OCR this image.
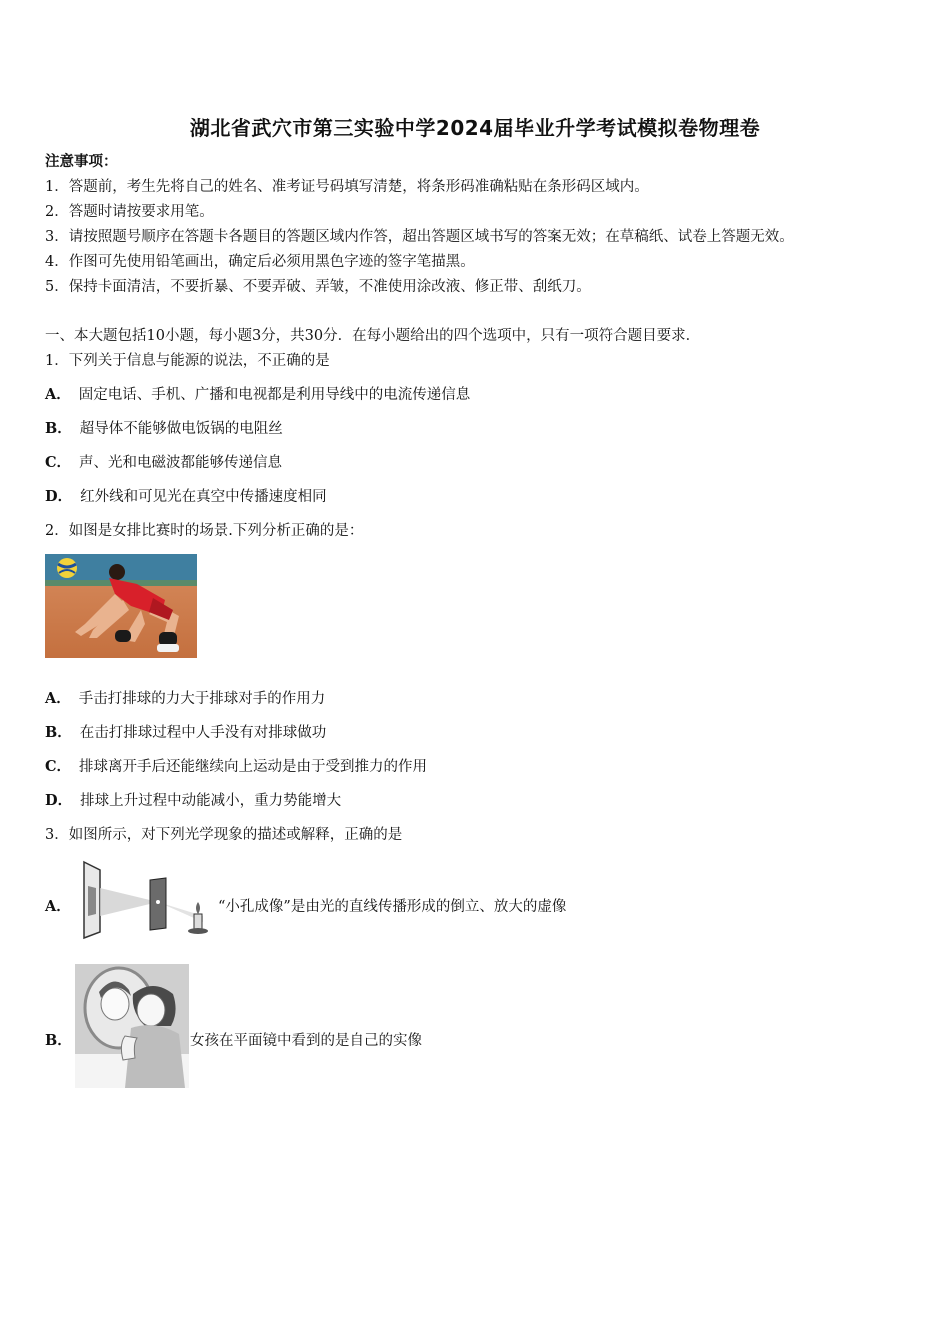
湖北省武穴市第三实验中学2024届毕业升学考试模拟卷物理卷
注意事项：
1．答题前，考生先将自己的姓名、准考证号码填写清楚，将条形码准确粘贴在条形码区域内。
2．答题时请按要求用笔。
3．请按照题号顺序在答题卡各题目的答题区域内作答，超出答题区域书写的答案无效；在草稿纸、试卷上答题无效。
4．作图可先使用铅笔画出，确定后必须用黑色字迹的签字笔描黑。
5．保持卡面清洁，不要折暴、不要弄破、弄皱，不准使用涂改液、修正带、刮纸刀。
一、本大题包括10小题，每小题3分，共30分．在每小题给出的四个选项中，只有一项符合题目要求．
1．下列关于信息与能源的说法，不正确的是
A． 固定电话、手机、广播和电视都是利用导线中的电流传递信息
B． 超导体不能够做电饭锅的电阻丝
C． 声、光和电磁波都能够传递信息
D． 红外线和可见光在真空中传播速度相同
2．如图是女排比赛时的场景.下列分析正确的是：
A． 手击打排球的力大于排球对手的作用力
B． 在击打排球过程中人手没有对排球做功
C． 排球离开手后还能继续向上运动是由于受到推力的作用
D． 排球上升过程中动能减小，重力势能增大
3．如图所示，对下列光学现象的描述或解释，正确的是
A．	“小孔成像”是由光的直线传播形成的倒立、放大的虚像
B．	女孩在平面镜中看到的是自己的实像
